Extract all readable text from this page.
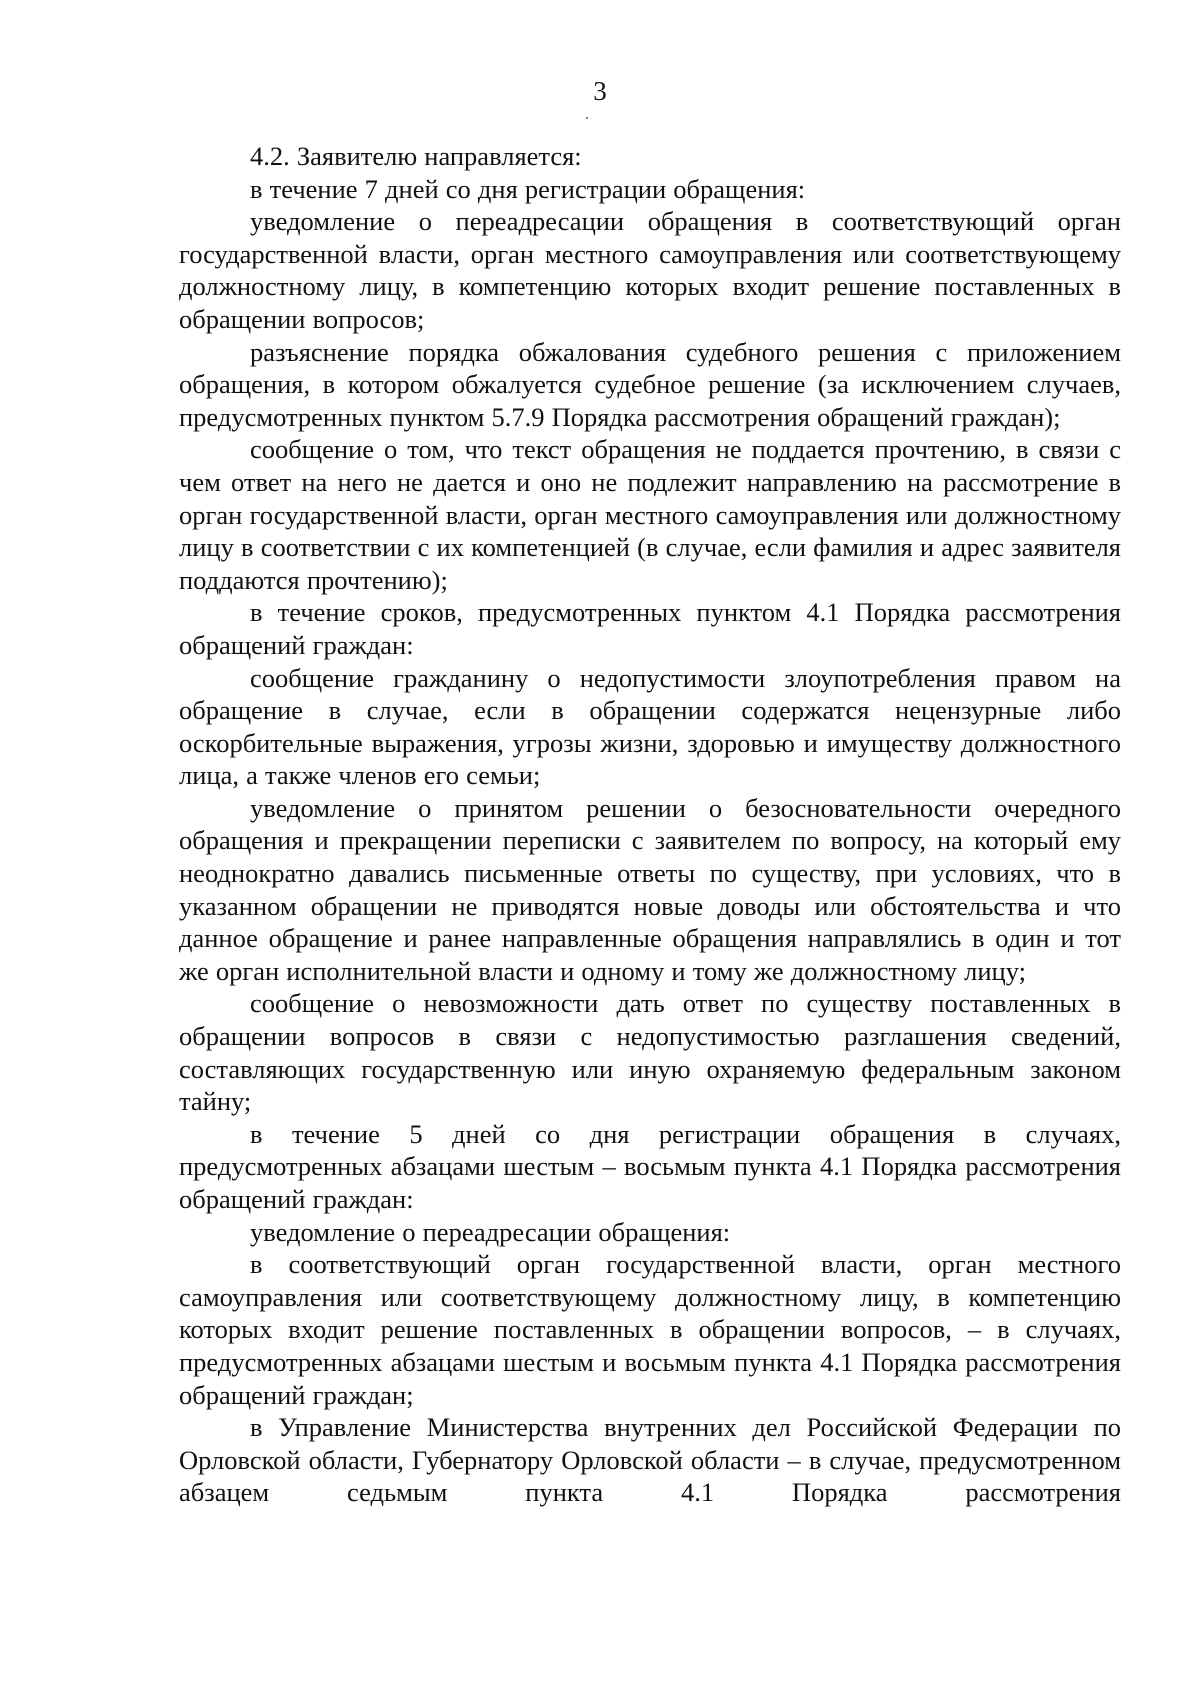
3

4.2. Заявителю направляется:

в течение 7 дней со дня регистрации обращения:

уведомление о переадресации обращения в соответствующий орган государственной власти, орган местного самоуправления или соответствующему должностному лицу, в компетенцию которых входит решение поставленных в обращении вопросов;

разъяснение порядка обжалования судебного решения с приложением обращения, в котором обжалуется судебное решение (за исключением случаев, предусмотренных пунктом 5.7.9 Порядка рассмотрения обращений граждан);

сообщение о том, что текст обращения не поддается прочтению, в связи с чем ответ на него не дается и оно не подлежит направлению на рассмотрение в орган государственной власти, орган местного самоуправления или должностному лицу в соответствии с их компетенцией (в случае, если фамилия и адрес заявителя поддаются прочтению);

в течение сроков, предусмотренных пунктом 4.1 Порядка рассмотрения обращений граждан:

сообщение гражданину о недопустимости злоупотребления правом на обращение в случае, если в обращении содержатся нецензурные либо оскорбительные выражения, угрозы жизни, здоровью и имуществу должностного лица, а также членов его семьи;

уведомление о принятом решении о безосновательности очередного обращения и прекращении переписки с заявителем по вопросу, на который ему неоднократно давались письменные ответы по существу, при условиях, что в указанном обращении не приводятся новые доводы или обстоятельства и что данное обращение и ранее направленные обращения направлялись в один и тот же орган исполнительной власти и одному и тому же должностному лицу;

сообщение о невозможности дать ответ по существу поставленных в обращении вопросов в связи с недопустимостью разглашения сведений, составляющих государственную или иную охраняемую федеральным законом тайну;

в течение 5 дней со дня регистрации обращения в случаях, предусмотренных абзацами шестым – восьмым пункта 4.1 Порядка рассмотрения обращений граждан:

уведомление о переадресации обращения:

в соответствующий орган государственной власти, орган местного самоуправления или соответствующему должностному лицу, в компетенцию которых входит решение поставленных в обращении вопросов, – в случаях, предусмотренных абзацами шестым и восьмым пункта 4.1 Порядка рассмотрения обращений граждан;

в Управление Министерства внутренних дел Российской Федерации по Орловской области, Губернатору Орловской области – в случае, предусмотренном абзацем седьмым пункта 4.1 Порядка рассмотрения
